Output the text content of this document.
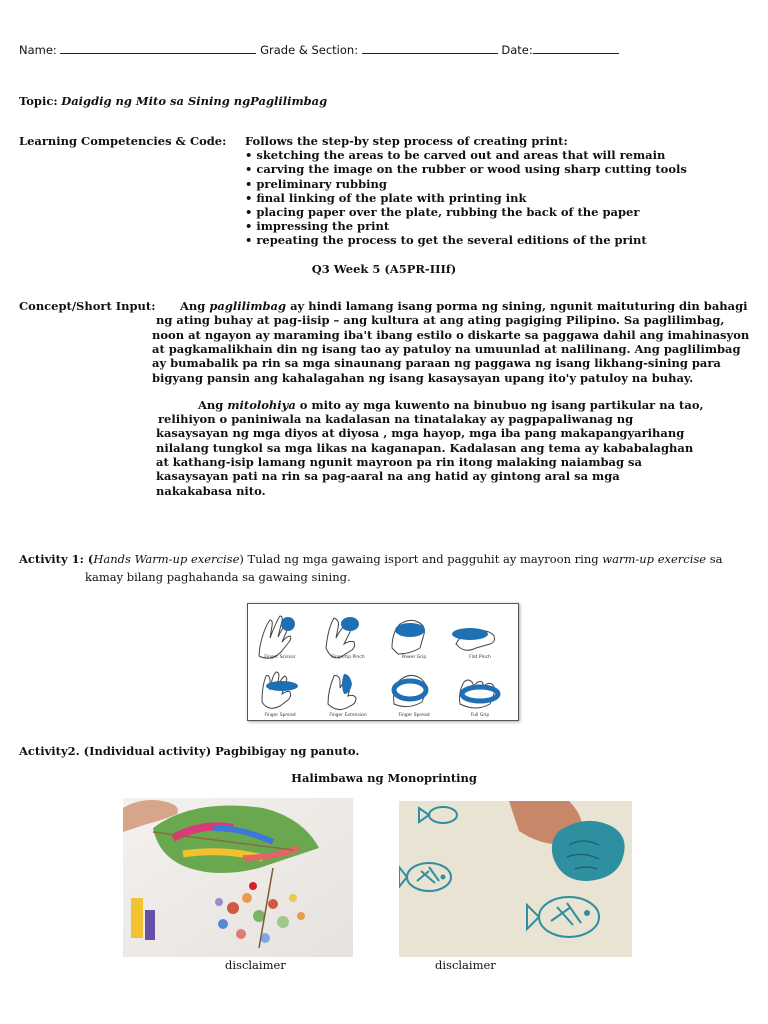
Name:	Grade & Section:	Date:
Topic: Daigdig ng Mito sa Sining ngPaglilimbag
Learning Competencies & Code: Follows the step-by step process of creating print:
• sketching the areas to be carved out and areas that will remain
• carving the image on the rubber or wood using sharp cutting tools
• preliminary rubbing
• final linking of the plate with printing ink
• placing paper over the plate, rubbing the back of the paper
• impressing the print
• repeating the process to get the several editions of the print
Q3 Week 5 (A5PR-IIIf)
Concept/Short Input: Ang paglilimbag ay hindi lamang isang porma ng sining, ngunit maituturing din bahagi
ng ating buhay at pag-iisip – ang kultura at ang ating pagiging Pilipino. Sa paglilimbag,
noon at ngayon ay maraming iba't ibang estilo o diskarte sa paggawa dahil ang imahinasyon
at pagkamalikhain din ng isang tao ay patuloy na umuunlad at nalilinang. Ang paglilimbag
ay bumabalik pa rin sa mga sinaunang paraan ng paggawa ng isang likhang-sining para
bigyang pansin ang kahalagahan ng isang kasaysayan upang ito'y patuloy na buhay.
Ang mitolohiya o mito ay mga kuwento na binubuo ng isang partikular na tao,
relihiyon o paniniwala na kadalasan na tinatalakay ay pagpapaliwanag ng
kasaysayan ng mga diyos at diyosa , mga hayop, mga iba pang makapangyarihang
nilalang tungkol sa mga likas na kaganapan. Kadalasan ang tema ay kababalaghan
at kathang-isip lamang ngunit mayroon pa rin itong malaking naiambag sa
kasaysayan pati na rin sa pag-aaral na ang hatid ay gintong aral sa mga
nakakabasa nito.
Activity 1: (Hands Warm-up exercise) Tulad ng mga gawaing isport and pagguhit ay mayroon ring warm-up exercise sa
kamay bilang paghahanda sa gawaing sining.
Finger Scissor	Fingertip Pinch	Power Grip	Flat Pinch
Finger Spread	Finger Extension	Finger Spread	Full Grip
Activity2. (Individual activity) Pagbibigay ng panuto.
Halimbawa ng Monoprinting
disclaimer	disclaimer
